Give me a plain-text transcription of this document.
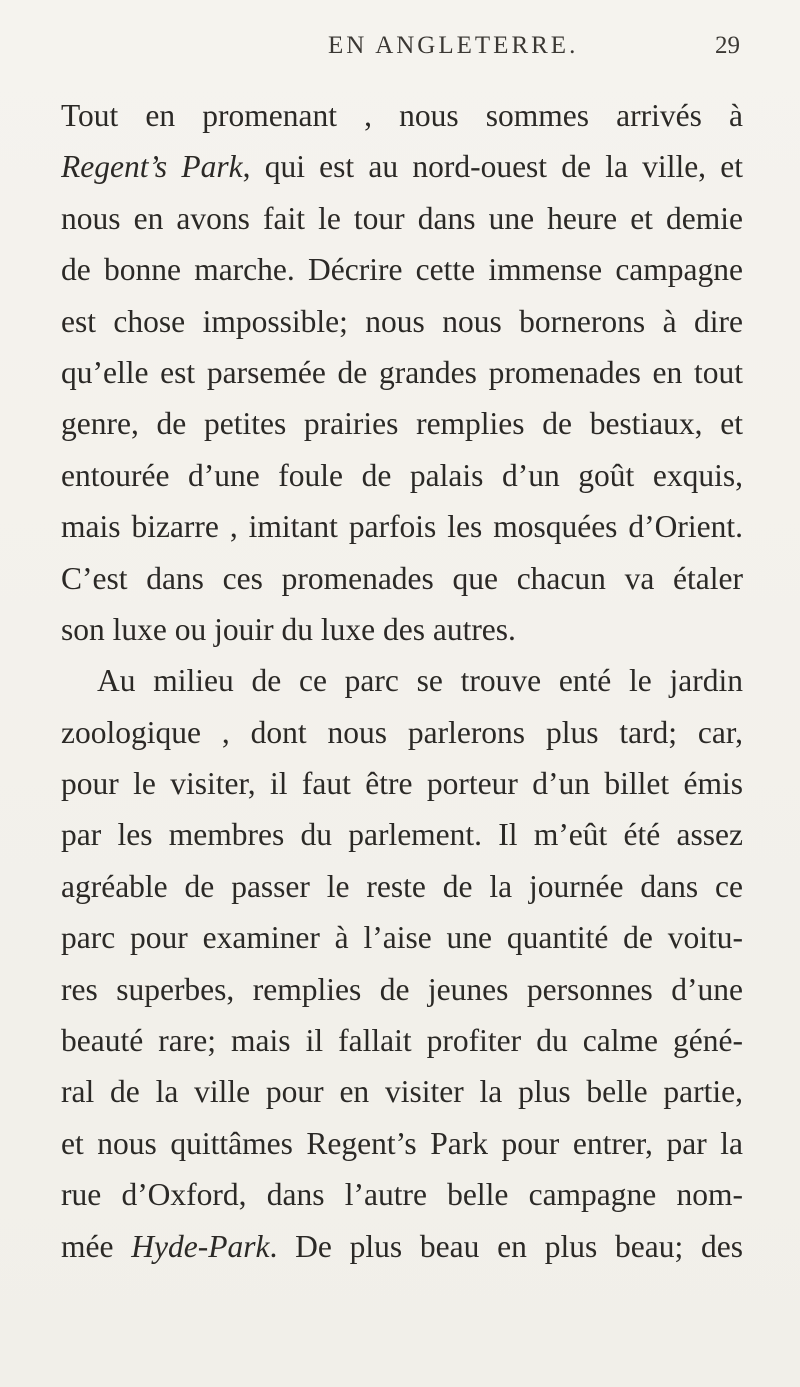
EN ANGLETERRE.	29
Tout en promenant , nous sommes arrivés à
Regent’s Park, qui est au nord-ouest de la ville, et
nous en avons fait le tour dans une heure et demie
de bonne marche. Décrire cette immense campagne
est chose impossible; nous nous bornerons à dire
qu’elle est parsemée de grandes promenades en tout
genre, de petites prairies remplies de bestiaux, et
entourée d’une foule de palais d’un goût exquis,
mais bizarre , imitant parfois les mosquées d’Orient.
C’est dans ces promenades que chacun va étaler
son luxe ou jouir du luxe des autres.
Au milieu de ce parc se trouve enté le jardin
zoologique , dont nous parlerons plus tard; car,
pour le visiter, il faut être porteur d’un billet émis
par les membres du parlement. Il m’eût été assez
agréable de passer le reste de la journée dans ce
parc pour examiner à l’aise une quantité de voitu-
res superbes, remplies de jeunes personnes d’une
beauté rare; mais il fallait profiter du calme géné-
ral de la ville pour en visiter la plus belle partie,
et nous quittâmes Regent’s Park pour entrer, par la
rue d’Oxford, dans l’autre belle campagne nom-
mée Hyde-Park. De plus beau en plus beau; des
